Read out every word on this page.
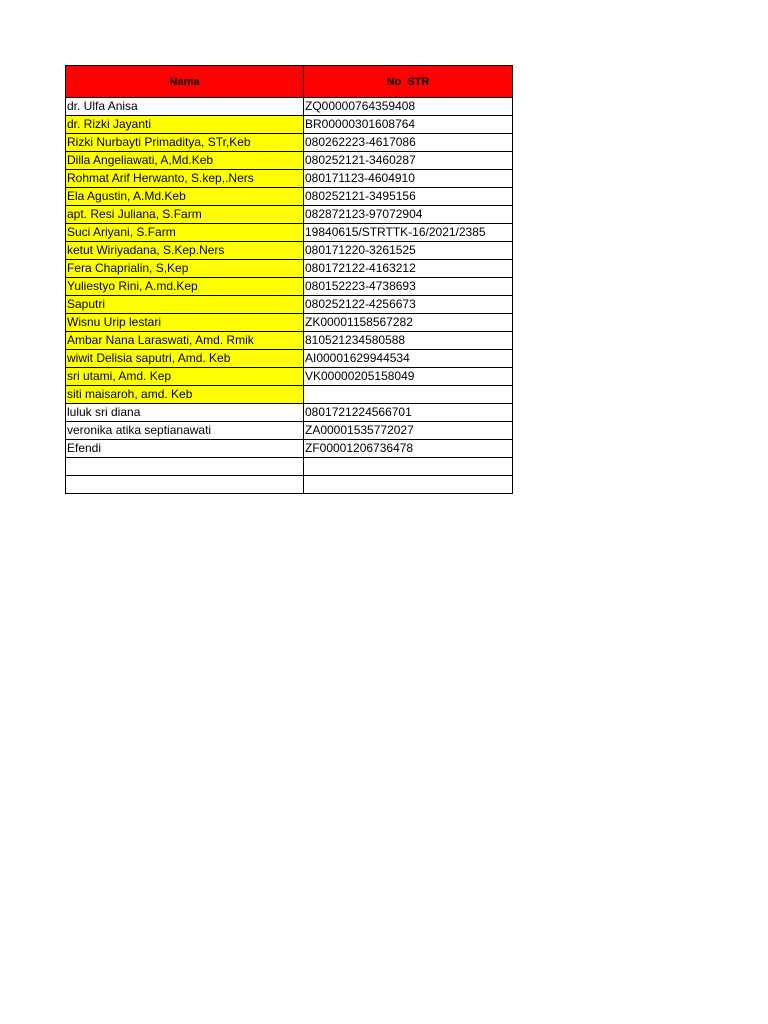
Nama	No  STR
dr. Ulfa Anisa	ZQ00000764359408
dr. Rizki Jayanti	BR00000301608764
Rizki Nurbayti Primaditya, STr,Keb	080262223-4617086
Dilla Angeliawati, A,Md.Keb	080252121-3460287
Rohmat Arif Herwanto, S.kep,.Ners	080171123-4604910
Ela Agustin, A.Md.Keb	080252121-3495156
apt. Resi Juliana, S.Farm	082872123-97072904
Suci Ariyani, S.Farm	19840615/STRTTK-16/2021/2385
ketut Wiriyadana, S.Kep.Ners	080171220-3261525
Fera Chaprialin, S,Kep	080172122-4163212
Yuliestyo Rini, A.md.Kep	080152223-4738693
Saputri	080252122-4256673
Wisnu Urip lestari	ZK00001158567282
Ambar Nana Laraswati, Amd. Rmik	810521234580588
wiwit Delisia saputri, Amd. Keb	AI00001629944534
sri utami, Amd. Kep	VK00000205158049
siti maisaroh, amd. Keb	
luluk sri diana	0801721224566701
veronika atika septianawati	ZA00001535772027
Efendi	ZF00001206736478
